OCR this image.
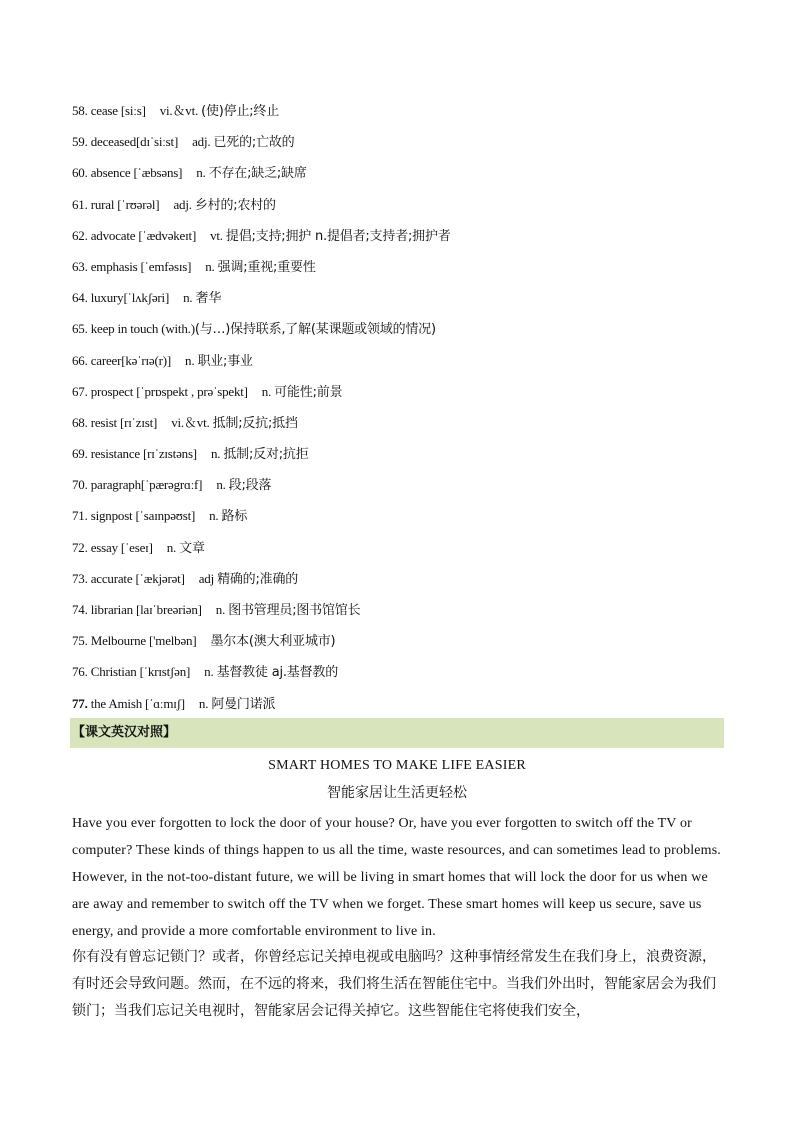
58. cease [siːs] vi.＆vt. (使)停止;终止
59. deceased[dɪˈsiːst] adj. 已死的;亡故的
60. absence [ˈæbsəns] n. 不存在;缺乏;缺席
61. rural [ˈrʊərəl] adj. 乡村的;农村的
62. advocate [ˈædvəkeɪt] vt. 提倡;支持;拥护 n.提倡者;支持者;拥护者
63. emphasis [ˈemfəsɪs] n. 强调;重视;重要性
64. luxury[ˈlʌkʃəri] n. 奢华
65. keep in touch (with.)(与…)保持联系,了解(某课题或领域的情况)
66. career[kəˈrɪə(r)] n. 职业;事业
67. prospect [ˈprɒspekt , prəˈspekt] n. 可能性;前景
68. resist [rɪˈzɪst] vi.＆vt. 抵制;反抗;抵挡
69. resistance [rɪˈzɪstəns] n. 抵制;反对;抗拒
70. paragraph[ˈpærəgrɑːf] n. 段;段落
71. signpost [ˈsaɪnpəʊst] n. 路标
72. essay [ˈeseɪ] n. 文章
73. accurate [ˈækjərət] adj 精确的;准确的
74. librarian [laɪˈbreəriən] n. 图书管理员;图书馆馆长
75. Melbourne ['melbən] 墨尔本(澳大利亚城市)
76. Christian [ˈkrɪstʃən] n. 基督教徒 aj.基督教的
77. the Amish [ˈɑːmɪʃ] n. 阿曼门诺派
【课文英汉对照】
SMART HOMES TO MAKE LIFE EASIER
智能家居让生活更轻松

Have you ever forgotten to lock the door of your house? Or, have you ever forgotten to switch off the TV or computer? These kinds of things happen to us all the time, waste resources, and can sometimes lead to problems. However, in the not-too-distant future, we will be living in smart homes that will lock the door for us when we are away and remember to switch off the TV when we forget. These smart homes will keep us secure, save us energy, and provide a more comfortable environment to live in.

你有没有曾忘记锁门？或者，你曾经忘记关掉电视或电脑吗？这种事情经常发生在我们身上，浪费资源，有时还会导致问题。然而，在不远的将来，我们将生活在智能住宅中。当我们外出时，智能家居会为我们锁门；当我们忘记关电视时，智能家居会记得关掉它。这些智能住宅将使我们安全，
